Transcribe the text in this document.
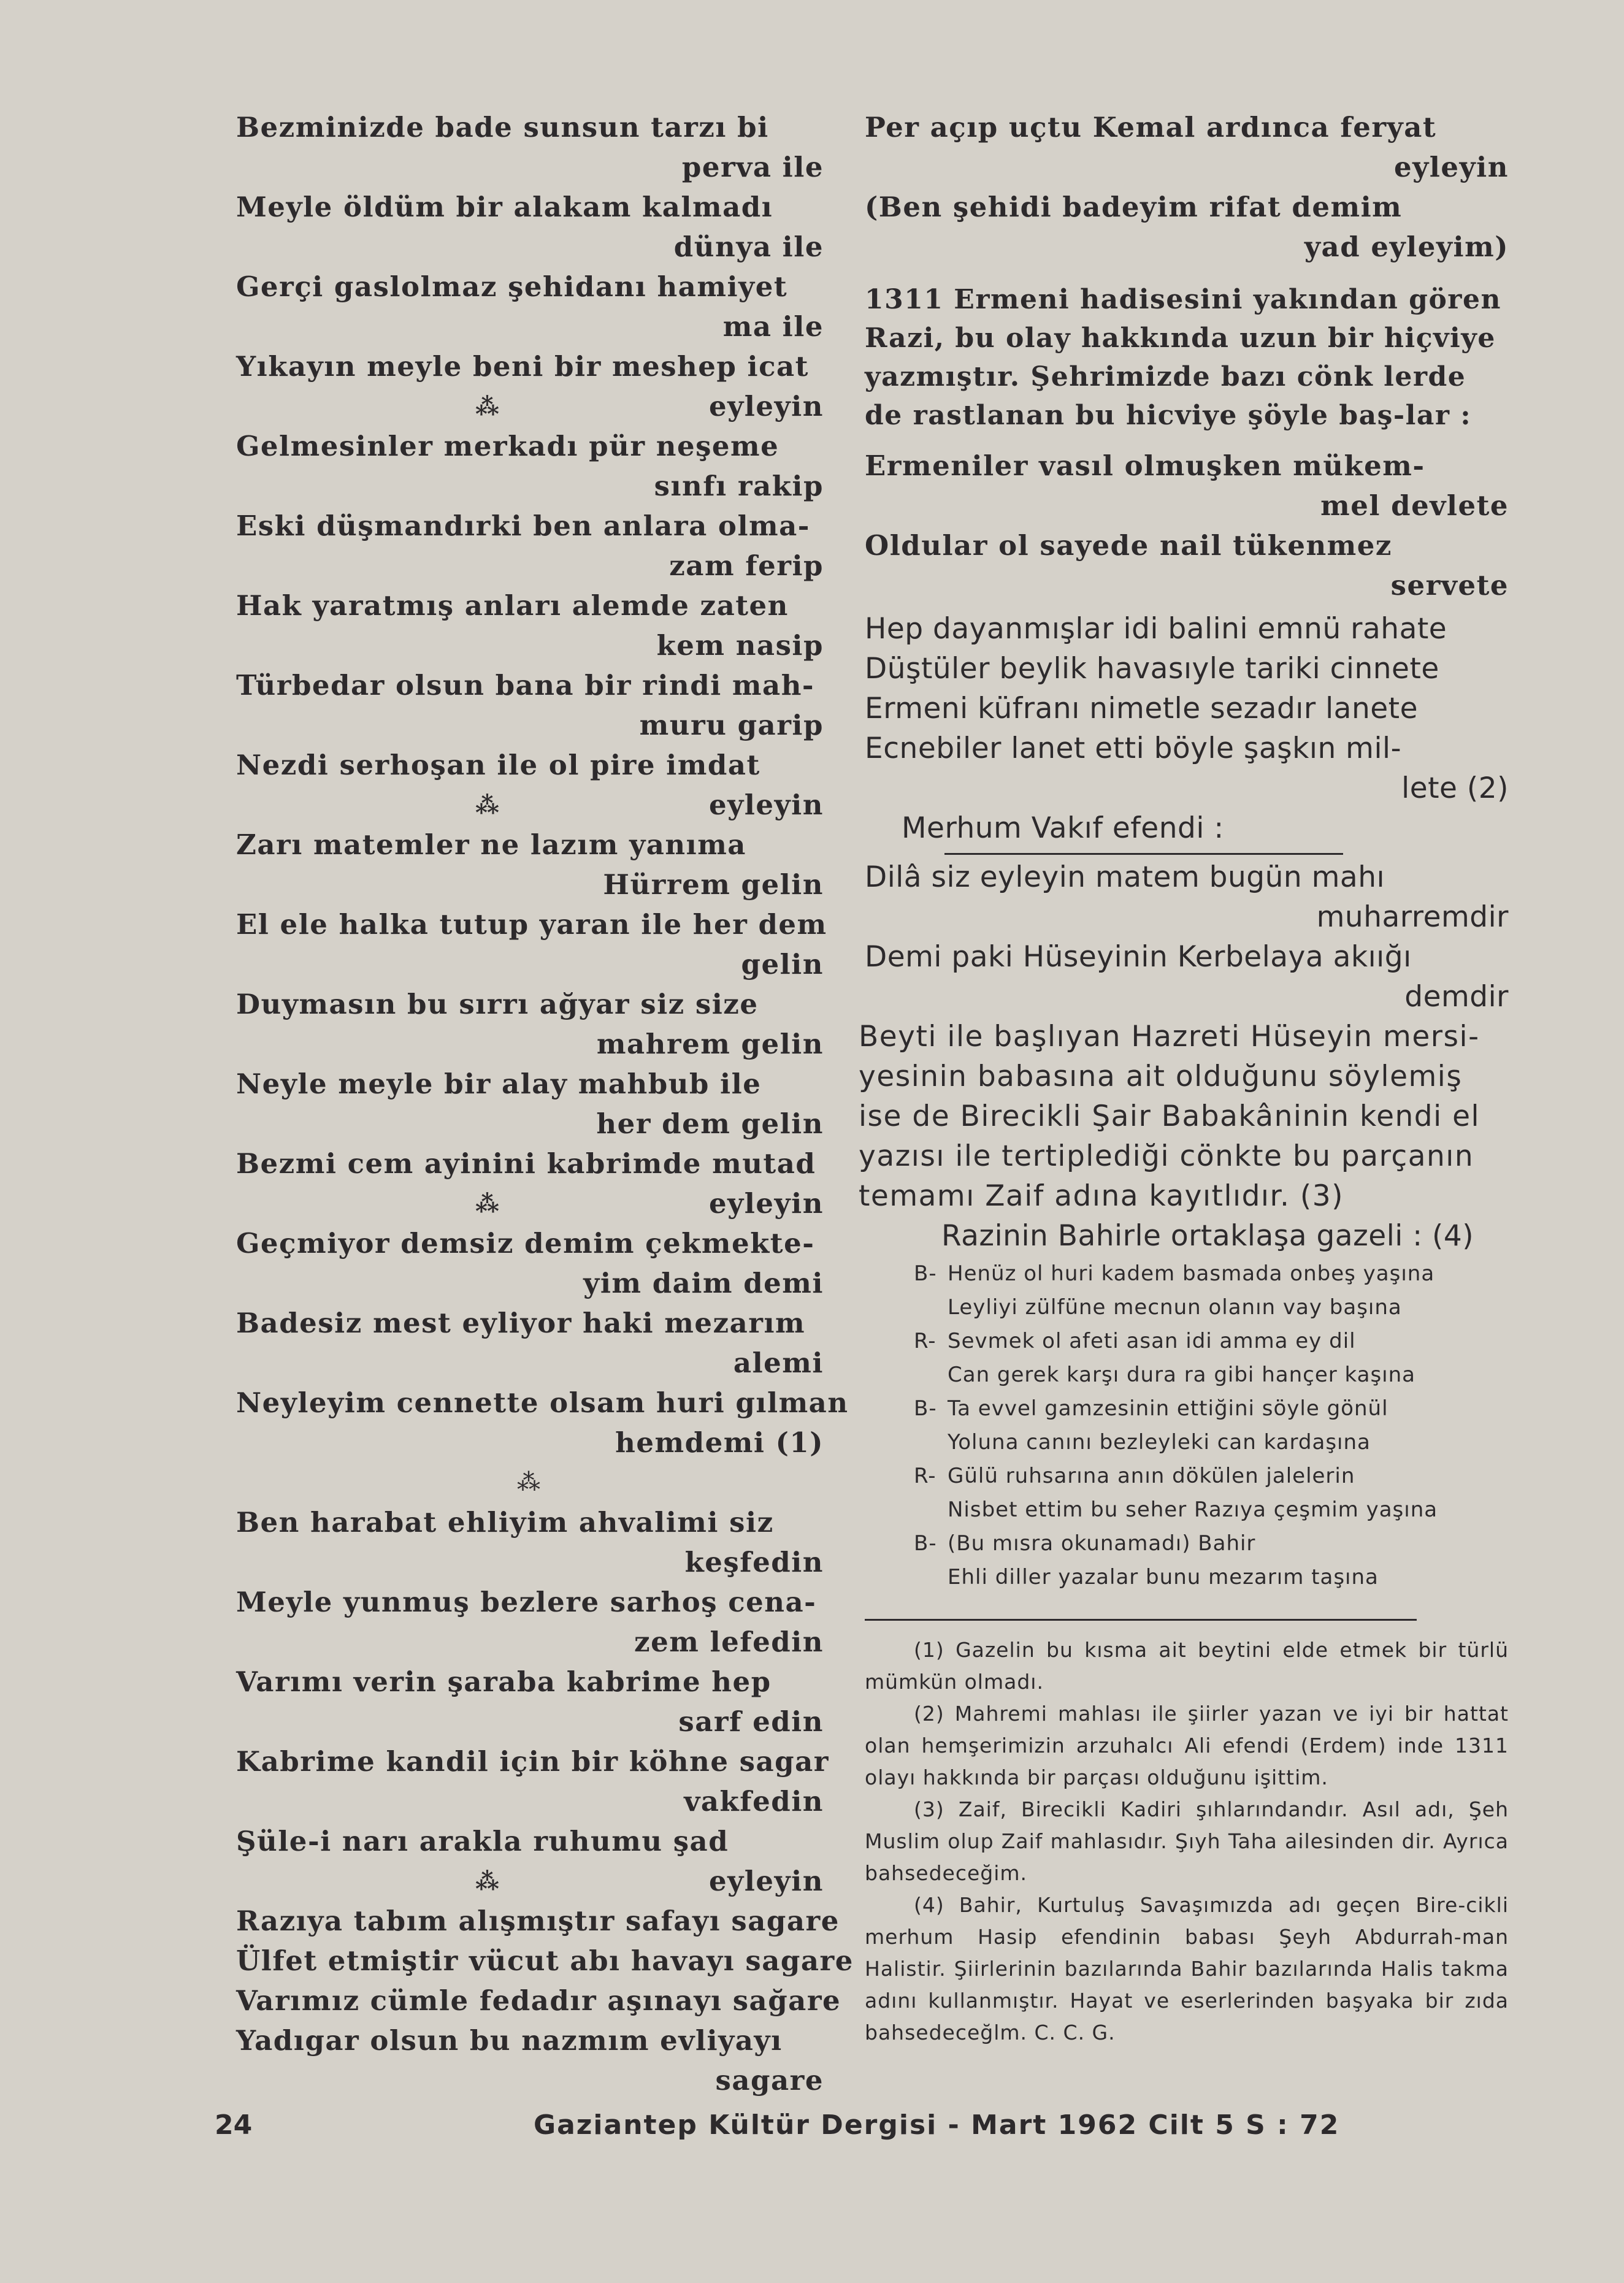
Bezminizde bade sunsun tarzı bi
perva ile
Meyle öldüm bir alakam kalmadı
dünya ile
Gerçi gaslolmaz şehidanı hamiyet
ma ile
Yıkayın meyle beni bir meshep icat
⁂	eyleyin
Gelmesinler merkadı pür neşeme
sınfı rakip
Eski düşmandırki ben anlara olma-
zam ferip
Hak yaratmış anları alemde zaten
kem nasip
Türbedar olsun bana bir rindi mah-
muru garip
Nezdi serhoşan ile ol pire imdat
⁂	eyleyin
Zarı matemler ne lazım yanıma
Hürrem gelin
El ele halka tutup yaran ile her dem
gelin
Duymasın bu sırrı ağyar siz size
mahrem gelin
Neyle meyle bir alay mahbub ile
her dem gelin
Bezmi cem ayinini kabrimde mutad
⁂	eyleyin
Geçmiyor demsiz demim çekmekte-
yim daim demi
Badesiz mest eyliyor haki mezarım
alemi
Neyleyim cennette olsam huri gılman
hemdemi (1)
⁂
Ben harabat ehliyim ahvalimi siz
keşfedin
Meyle yunmuş bezlere sarhoş cena-
zem lefedin
Varımı verin şaraba kabrime hep
sarf edin
Kabrime kandil için bir köhne sagar
vakfedin
Şüle-i narı arakla ruhumu şad
⁂	eyleyin
Razıya tabım alışmıştır safayı sagare
Ülfet etmiştir vücut abı havayı sagare
Varımız cümle fedadır aşınayı sağare
Yadıgar olsun bu nazmım evliyayı
sagare
Per açıp uçtu Kemal ardınca feryat
eyleyin
(Ben şehidi badeyim rifat demim
yad eyleyim)
1311 Ermeni hadisesini yakından gören Razi, bu olay hakkında uzun bir hiçviye yazmıştır. Şehrimizde bazı cönk lerde de rastlanan bu hicviye şöyle baş-lar :
Ermeniler vasıl olmuşken mükem-
mel devlete
Oldular ol sayede nail tükenmez
servete
Hep dayanmışlar idi balini emnü rahate
Düştüler beylik havasıyle tariki cinnete
Ermeni küfranı nimetle sezadır lanete
Ecnebiler lanet etti böyle şaşkın mil-
lete (2)
Merhum Vakıf efendi :
Dilâ siz eyleyin matem bugün mahı
muharremdir
Demi paki Hüseyinin Kerbelaya akıığı
demdir
Beyti ile başlıyan Hazreti Hüseyin mersi-yesinin babasına ait olduğunu söylemiş ise de Birecikli Şair Babakâninin kendi el yazısı ile tertiplediği cönkte bu parçanın temamı Zaif adına kayıtlıdır. (3)
Razinin Bahirle ortaklaşa gazeli : (4)
B- Henüz ol huri kadem basmada onbeş yaşına
Leyliyi zülfüne mecnun olanın vay başına
R- Sevmek ol afeti asan idi amma ey dil
Can gerek karşı dura ra gibi hançer kaşına
B- Ta evvel gamzesinin ettiğini söyle gönül
Yoluna canını bezleyleki can kardaşına
R- Gülü ruhsarına anın dökülen jalelerin
Nisbet ettim bu seher Razıya çeşmim yaşına
B- (Bu mısra okunamadı) Bahir
Ehli diller yazalar bunu mezarım taşına
(1) Gazelin bu kısma ait beytini elde etmek bir türlü mümkün olmadı.
(2) Mahremi mahlası ile şiirler yazan ve iyi bir hattat olan hemşerimizin arzuhalcı Ali efendi (Erdem) inde 1311 olayı hakkında bir parçası olduğunu işittim.
(3) Zaif, Birecikli Kadiri şıhlarındandır. Asıl adı, Şeh Muslim olup Zaif mahlasıdır. Şıyh Taha ailesinden dir. Ayrıca bahsedeceğim.
(4) Bahir, Kurtuluş Savaşımızda adı geçen Bire-cikli merhum Hasip efendinin babası Şeyh Abdurrah-man Halistir. Şiirlerinin bazılarında Bahir bazılarında Halis takma adını kullanmıştır. Hayat ve eserlerinden başyaka bir zıda bahsedeceğlm. C. C. G.
24	Gaziantep Kültür Dergisi - Mart 1962 Cilt 5 S : 72
